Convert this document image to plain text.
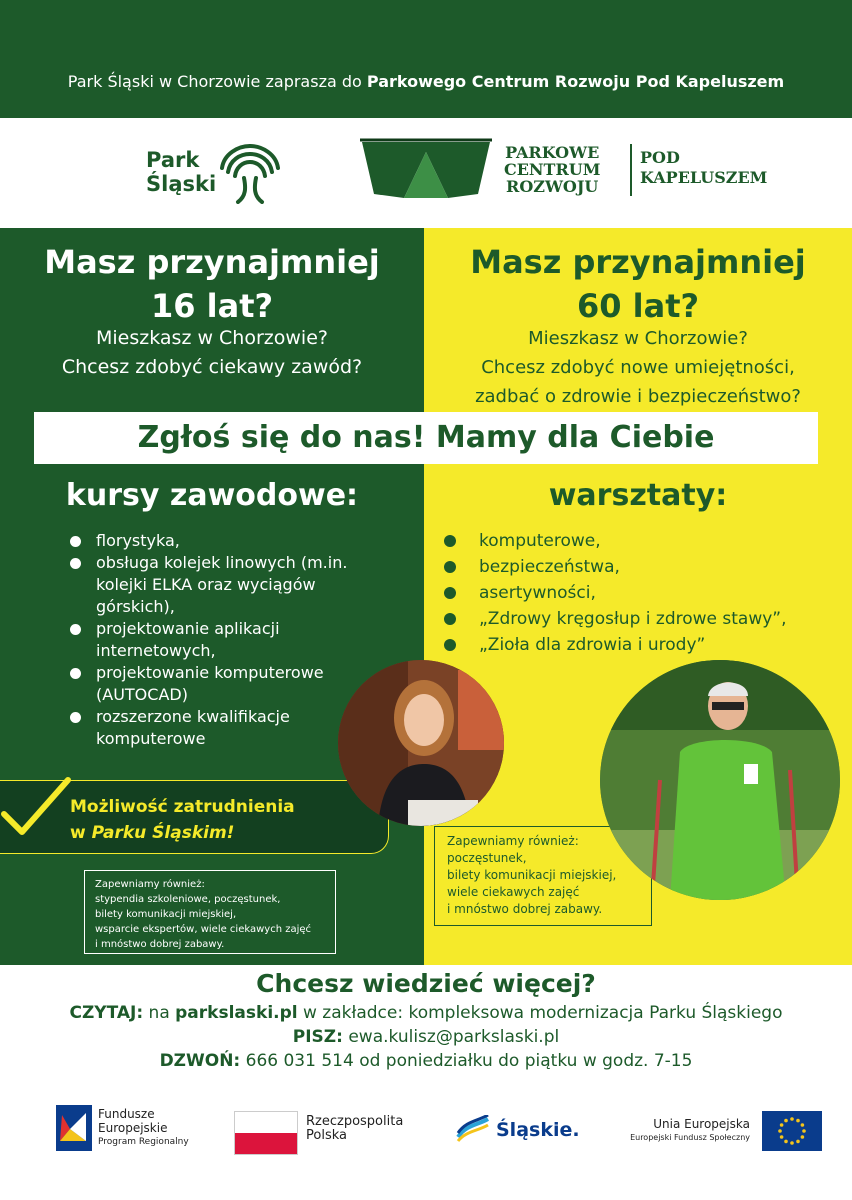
Park Śląski w Chorzowie zaprasza do Parkowego Centrum Rozwoju Pod Kapeluszem
Park
Śląski
PARKOWE
CENTRUM
ROZWOJU
POD
KAPELUSZEM
Masz przynajmniej
16 lat?
Mieszkasz w Chorzowie?
Chcesz zdobyć ciekawy zawód?
kursy zawodowe:
florystyka,
obsługa kolejek linowych (m.in. kolejki ELKA oraz wyciągów górskich),
projektowanie aplikacji internetowych,
projektowanie komputerowe (AUTOCAD)
rozszerzone kwalifikacje komputerowe
Możliwość zatrudnienia
w Parku Śląskim!
Zapewniamy również:
stypendia szkoleniowe, poczęstunek,
bilety komunikacji miejskiej,
wsparcie ekspertów, wiele ciekawych zajęć
i mnóstwo dobrej zabawy.
Masz przynajmniej
60 lat?
Mieszkasz w Chorzowie?
Chcesz zdobyć nowe umiejętności,
zadbać o zdrowie i bezpieczeństwo?
warsztaty:
komputerowe,
bezpieczeństwa,
asertywności,
„Zdrowy kręgosłup i zdrowe stawy”,
„Zioła dla zdrowia i urody”
Zapewniamy również:
poczęstunek,
bilety komunikacji miejskiej,
wiele ciekawych zajęć
i mnóstwo dobrej zabawy.
Zgłoś się do nas! Mamy dla Ciebie
Chcesz wiedzieć więcej?
CZYTAJ: na parkslaski.pl w zakładce: kompleksowa modernizacja Parku Śląskiego
PISZ: ewa.kulisz@parkslaski.pl
DZWOŃ: 666 031 514 od poniedziałku do piątku w godz. 7-15
Fundusze
Europejskie
Program Regionalny
Rzeczpospolita
Polska	Śląskie.	Unia Europejska
Europejski Fundusz Społeczny
